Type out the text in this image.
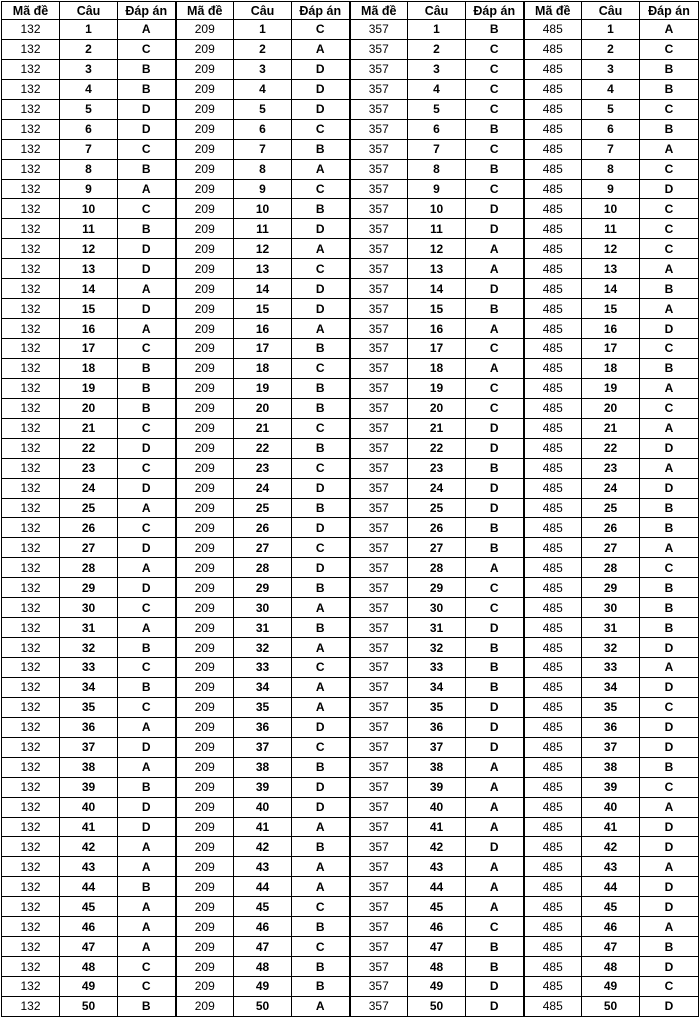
Mã đề	Câu	Đáp án	Mã đề	Câu	Đáp án	Mã đề	Câu	Đáp án	Mã đề	Câu	Đáp án
132	1	A	209	1	C	357	1	B	485	1	A
132	2	C	209	2	A	357	2	C	485	2	C
132	3	B	209	3	D	357	3	C	485	3	B
132	4	B	209	4	D	357	4	C	485	4	B
132	5	D	209	5	D	357	5	C	485	5	C
132	6	D	209	6	C	357	6	B	485	6	B
132	7	C	209	7	B	357	7	C	485	7	A
132	8	B	209	8	A	357	8	B	485	8	C
132	9	A	209	9	C	357	9	C	485	9	D
132	10	C	209	10	B	357	10	D	485	10	C
132	11	B	209	11	D	357	11	D	485	11	C
132	12	D	209	12	A	357	12	A	485	12	C
132	13	D	209	13	C	357	13	A	485	13	A
132	14	A	209	14	D	357	14	D	485	14	B
132	15	D	209	15	D	357	15	B	485	15	A
132	16	A	209	16	A	357	16	A	485	16	D
132	17	C	209	17	B	357	17	C	485	17	C
132	18	B	209	18	C	357	18	A	485	18	B
132	19	B	209	19	B	357	19	C	485	19	A
132	20	B	209	20	B	357	20	C	485	20	C
132	21	C	209	21	C	357	21	D	485	21	A
132	22	D	209	22	B	357	22	D	485	22	D
132	23	C	209	23	C	357	23	B	485	23	A
132	24	D	209	24	D	357	24	D	485	24	D
132	25	A	209	25	B	357	25	D	485	25	B
132	26	C	209	26	D	357	26	B	485	26	B
132	27	D	209	27	C	357	27	B	485	27	A
132	28	A	209	28	D	357	28	A	485	28	C
132	29	D	209	29	B	357	29	C	485	29	B
132	30	C	209	30	A	357	30	C	485	30	B
132	31	A	209	31	B	357	31	D	485	31	B
132	32	B	209	32	A	357	32	B	485	32	D
132	33	C	209	33	C	357	33	B	485	33	A
132	34	B	209	34	A	357	34	B	485	34	D
132	35	C	209	35	A	357	35	D	485	35	C
132	36	A	209	36	D	357	36	D	485	36	D
132	37	D	209	37	C	357	37	D	485	37	D
132	38	A	209	38	B	357	38	A	485	38	B
132	39	B	209	39	D	357	39	A	485	39	C
132	40	D	209	40	D	357	40	A	485	40	A
132	41	D	209	41	A	357	41	A	485	41	D
132	42	A	209	42	B	357	42	D	485	42	D
132	43	A	209	43	A	357	43	A	485	43	A
132	44	B	209	44	A	357	44	A	485	44	D
132	45	A	209	45	C	357	45	A	485	45	D
132	46	A	209	46	B	357	46	C	485	46	A
132	47	A	209	47	C	357	47	B	485	47	B
132	48	C	209	48	B	357	48	B	485	48	D
132	49	C	209	49	B	357	49	D	485	49	C
132	50	B	209	50	A	357	50	D	485	50	D
